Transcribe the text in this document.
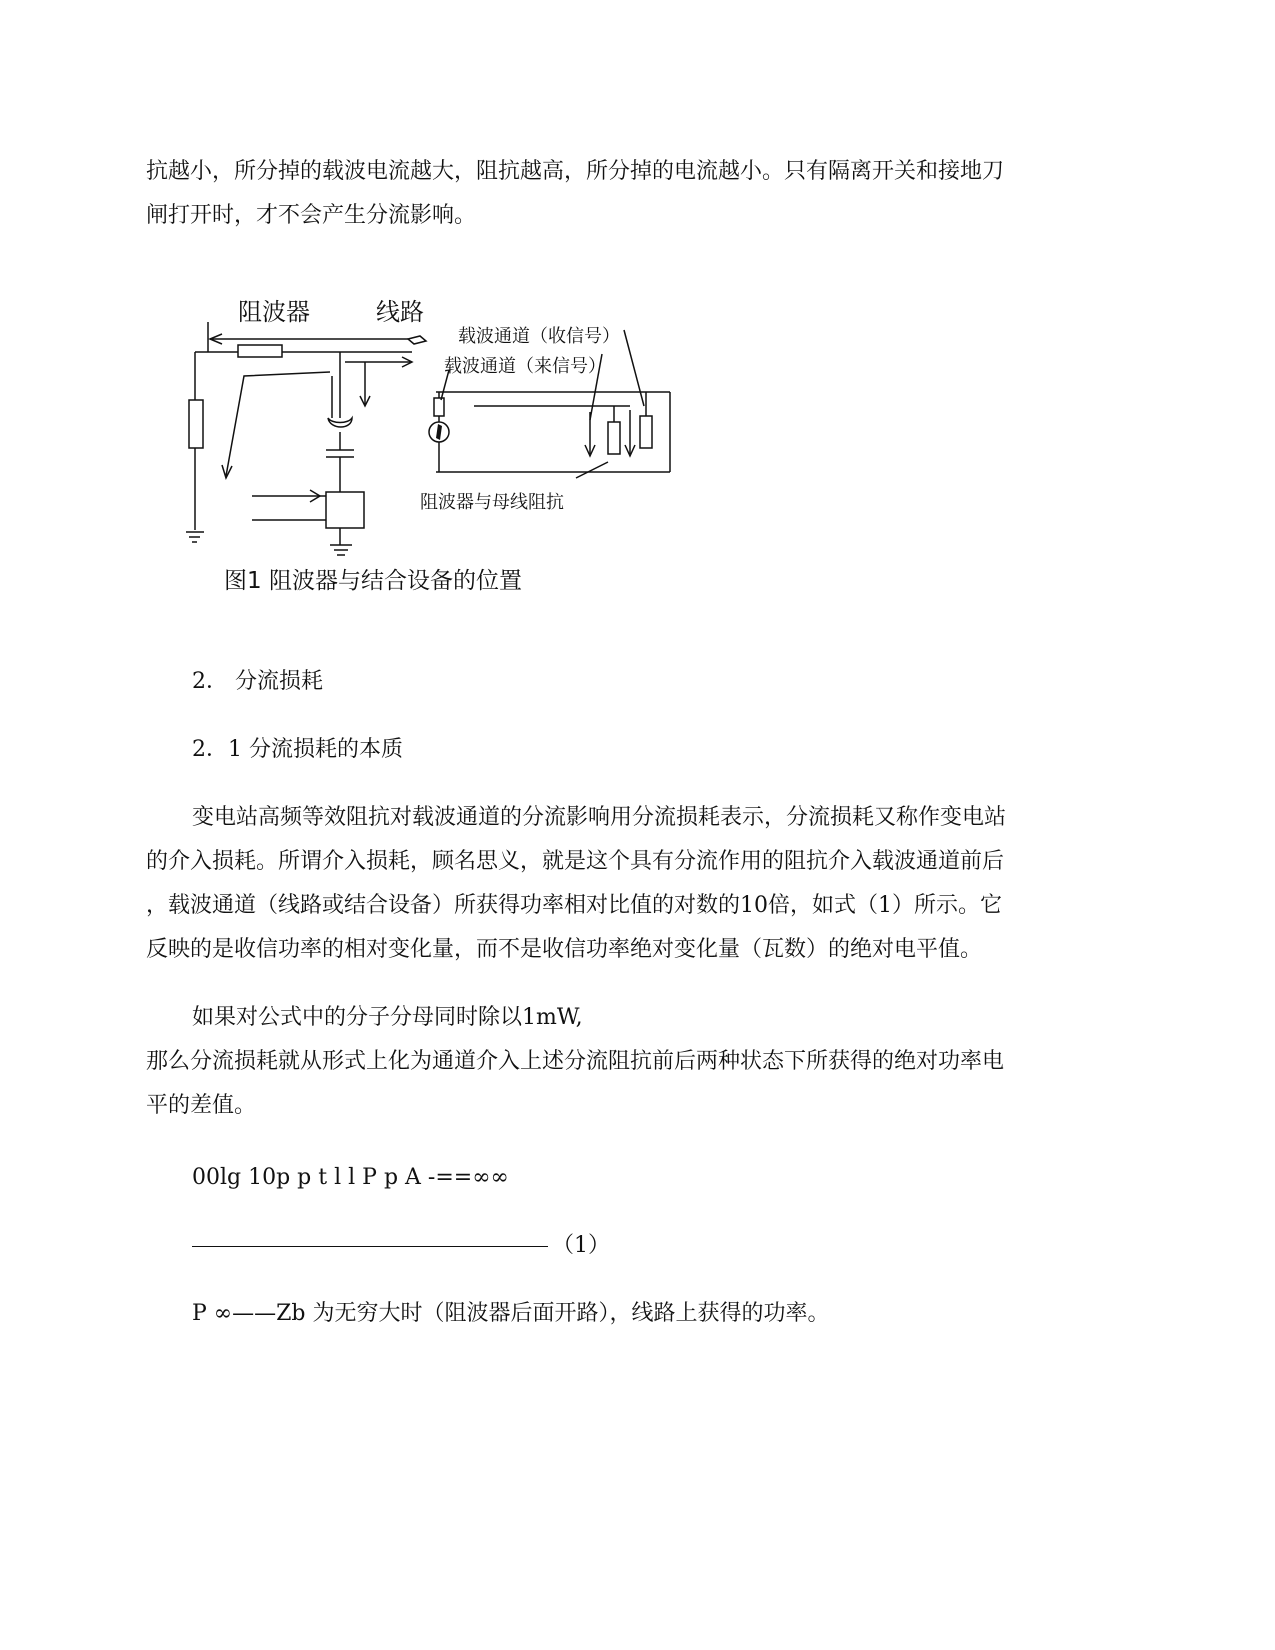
抗越小，所分掉的载波电流越大，阻抗越高，所分掉的电流越小。只有隔离开关和接地刀
闸打开时，才不会产生分流影响。
阻波器	线路
载波通道（收信号）
载波通道（来信号）
阻波器与母线阻抗
图1 阻波器与结合设备的位置
2． 分流损耗
2．1 分流损耗的本质
变电站高频等效阻抗对载波通道的分流影响用分流损耗表示，分流损耗又称作变电站
的介入损耗。所谓介入损耗，顾名思义，就是这个具有分流作用的阻抗介入载波通道前后
，载波通道（线路或结合设备）所获得功率相对比值的对数的10倍，如式（1）所示。它
反映的是收信功率的相对变化量，而不是收信功率绝对变化量（瓦数）的绝对电平值。
如果对公式中的分子分母同时除以1mW,
那么分流损耗就从形式上化为通道介入上述分流阻抗前后两种状态下所获得的绝对功率电
平的差值。
00lg 10p p t l l P p A -==∞∞
（1）
P ∞——Zb 为无穷大时（阻波器后面开路），线路上获得的功率。
